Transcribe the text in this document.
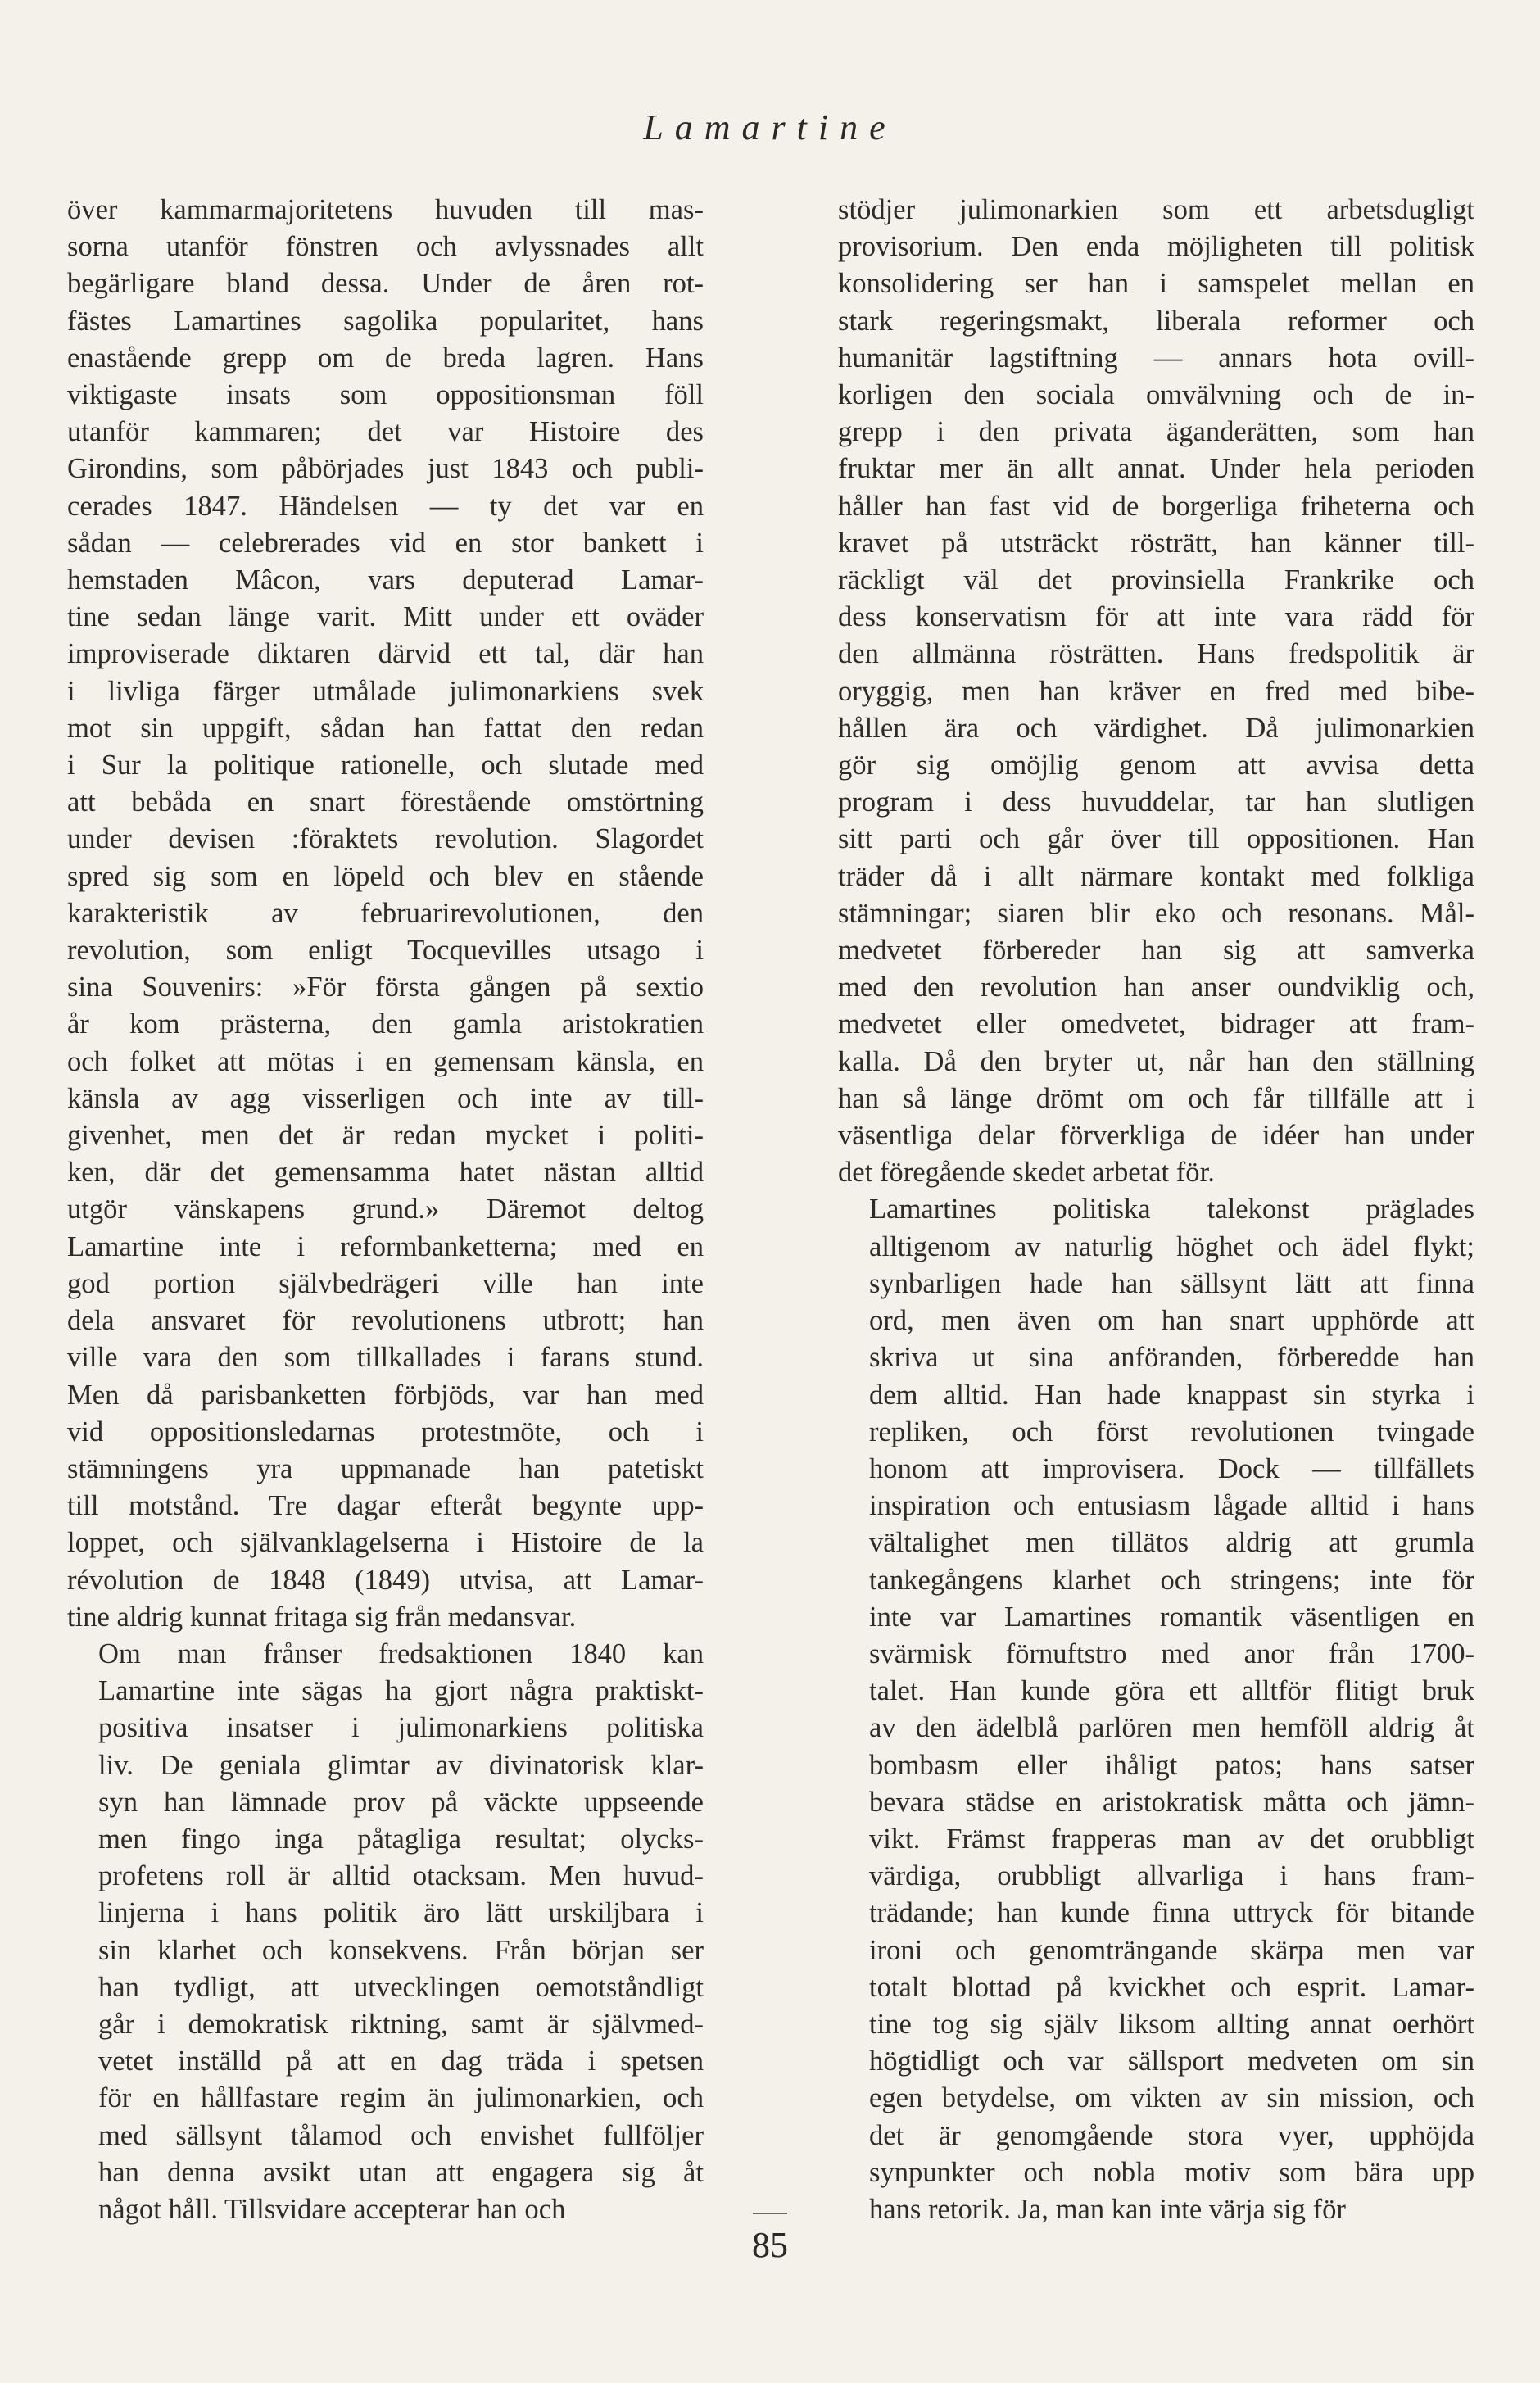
Lamartine

över kammarmajoritetens huvuden till mas-
sorna utanför fönstren och avlyssnades allt
begärligare bland dessa. Under de åren rot-
fästes Lamartines sagolika popularitet, hans
enastående grepp om de breda lagren. Hans
viktigaste insats som oppositionsman föll
utanför kammaren; det var Histoire des
Girondins, som påbörjades just 1843 och publi-
cerades 1847. Händelsen — ty det var en
sådan — celebrerades vid en stor bankett i
hemstaden Mâcon, vars deputerad Lamar-
tine sedan länge varit. Mitt under ett oväder
improviserade diktaren därvid ett tal, där han
i livliga färger utmålade julimonarkiens svek
mot sin uppgift, sådan han fattat den redan
i Sur la politique rationelle, och slutade med
att bebåda en snart förestående omstörtning
under devisen :föraktets revolution. Slagordet
spred sig som en löpeld och blev en stående
karakteristik av februarirevolutionen, den
revolution, som enligt Tocquevilles utsago i
sina Souvenirs: »För första gången på sextio
år kom prästerna, den gamla aristokratien
och folket att mötas i en gemensam känsla, en
känsla av agg visserligen och inte av till-
givenhet, men det är redan mycket i politi-
ken, där det gemensamma hatet nästan alltid
utgör vänskapens grund.» Däremot deltog
Lamartine inte i reformbanketterna; med en
god portion självbedrägeri ville han inte
dela ansvaret för revolutionens utbrott; han
ville vara den som tillkallades i farans stund.
Men då parisbanketten förbjöds, var han med
vid oppositionsledarnas protestmöte, och i
stämningens yra uppmanade han patetiskt
till motstånd. Tre dagar efteråt begynte upp-
loppet, och självanklagelserna i Histoire de la
révolution de 1848 (1849) utvisa, att Lamar-
tine aldrig kunnat fritaga sig från medansvar.

Om man frånser fredsaktionen 1840 kan
Lamartine inte sägas ha gjort några praktiskt-
positiva insatser i julimonarkiens politiska
liv. De geniala glimtar av divinatorisk klar-
syn han lämnade prov på väckte uppseende
men fingo inga påtagliga resultat; olycks-
profetens roll är alltid otacksam. Men huvud-
linjerna i hans politik äro lätt urskiljbara i
sin klarhet och konsekvens. Från början ser
han tydligt, att utvecklingen oemotståndligt
går i demokratisk riktning, samt är självmed-
vetet inställd på att en dag träda i spetsen
för en hållfastare regim än julimonarkien, och
med sällsynt tålamod och envishet fullföljer
han denna avsikt utan att engagera sig åt
något håll. Tillsvidare accepterar han och

stödjer julimonarkien som ett arbetsdugligt
provisorium. Den enda möjligheten till politisk
konsolidering ser han i samspelet mellan en
stark regeringsmakt, liberala reformer och
humanitär lagstiftning — annars hota ovill-
korligen den sociala omvälvning och de in-
grepp i den privata äganderätten, som han
fruktar mer än allt annat. Under hela perioden
håller han fast vid de borgerliga friheterna och
kravet på utsträckt rösträtt, han känner till-
räckligt väl det provinsiella Frankrike och
dess konservatism för att inte vara rädd för
den allmänna rösträtten. Hans fredspolitik är
oryggig, men han kräver en fred med bibe-
hållen ära och värdighet. Då julimonarkien
gör sig omöjlig genom att avvisa detta
program i dess huvuddelar, tar han slutligen
sitt parti och går över till oppositionen. Han
träder då i allt närmare kontakt med folkliga
stämningar; siaren blir eko och resonans. Mål-
medvetet förbereder han sig att samverka
med den revolution han anser oundviklig och,
medvetet eller omedvetet, bidrager att fram-
kalla. Då den bryter ut, når han den ställning
han så länge drömt om och får tillfälle att i
väsentliga delar förverkliga de idéer han under
det föregående skedet arbetat för.

Lamartines politiska talekonst präglades
alltigenom av naturlig höghet och ädel flykt;
synbarligen hade han sällsynt lätt att finna
ord, men även om han snart upphörde att
skriva ut sina anföranden, förberedde han
dem alltid. Han hade knappast sin styrka i
repliken, och först revolutionen tvingade
honom att improvisera. Dock — tillfällets
inspiration och entusiasm lågade alltid i hans
vältalighet men tillätos aldrig att grumla
tankegångens klarhet och stringens; inte för
inte var Lamartines romantik väsentligen en
svärmisk förnuftstro med anor från 1700-
talet. Han kunde göra ett alltför flitigt bruk
av den ädelblå parlören men hemföll aldrig åt
bombasm eller ihåligt patos; hans satser
bevara städse en aristokratisk måtta och jämn-
vikt. Främst frapperas man av det orubbligt
värdiga, orubbligt allvarliga i hans fram-
trädande; han kunde finna uttryck för bitande
ironi och genomträngande skärpa men var
totalt blottad på kvickhet och esprit. Lamar-
tine tog sig själv liksom allting annat oerhört
högtidligt och var sällsport medveten om sin
egen betydelse, om vikten av sin mission, och
det är genomgående stora vyer, upphöjda
synpunkter och nobla motiv som bära upp
hans retorik. Ja, man kan inte värja sig för

85
